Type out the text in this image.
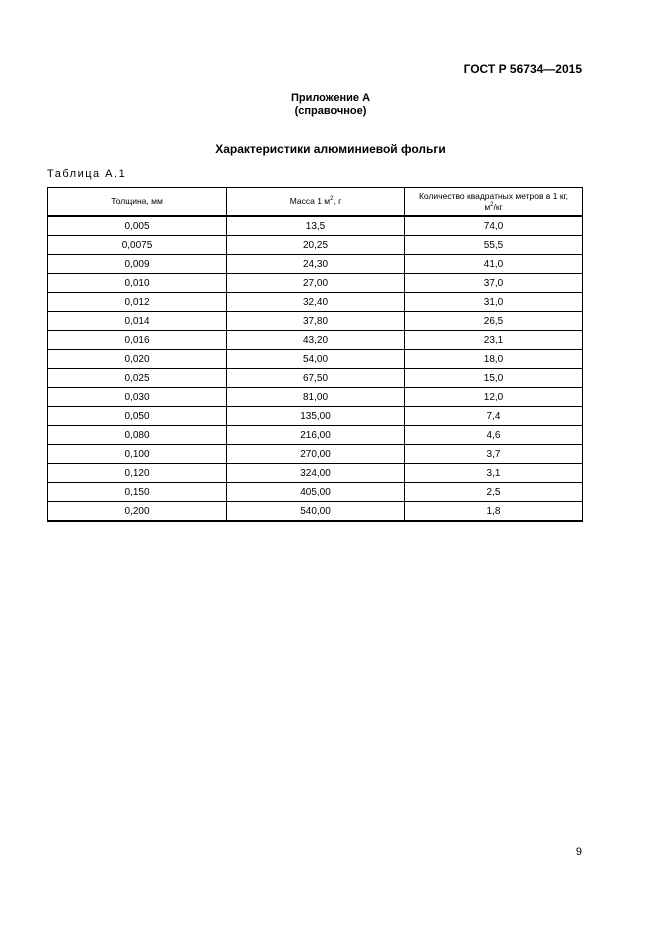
ГОСТ Р 56734—2015
Приложение А
(справочное)
Характеристики алюминиевой фольги
Таблица А.1
Толщина, мм	Масса 1 $м^2$, г	Количество квадратных метров в 1 кг,
$м^2/кг$
0,005	13,5	74,0
0,0075	20,25	55,5
0,009	24,30	41,0
0,010	27,00	37,0
0,012	32,40	31,0
0,014	37,80	26,5
0,016	43,20	23,1
0,020	54,00	18,0
0,025	67,50	15,0
0,030	81,00	12,0
0,050	135,00	7,4
0,080	216,00	4,6
0,100	270,00	3,7
0,120	324,00	3,1
0,150	405,00	2,5
0,200	540,00	1,8
9
